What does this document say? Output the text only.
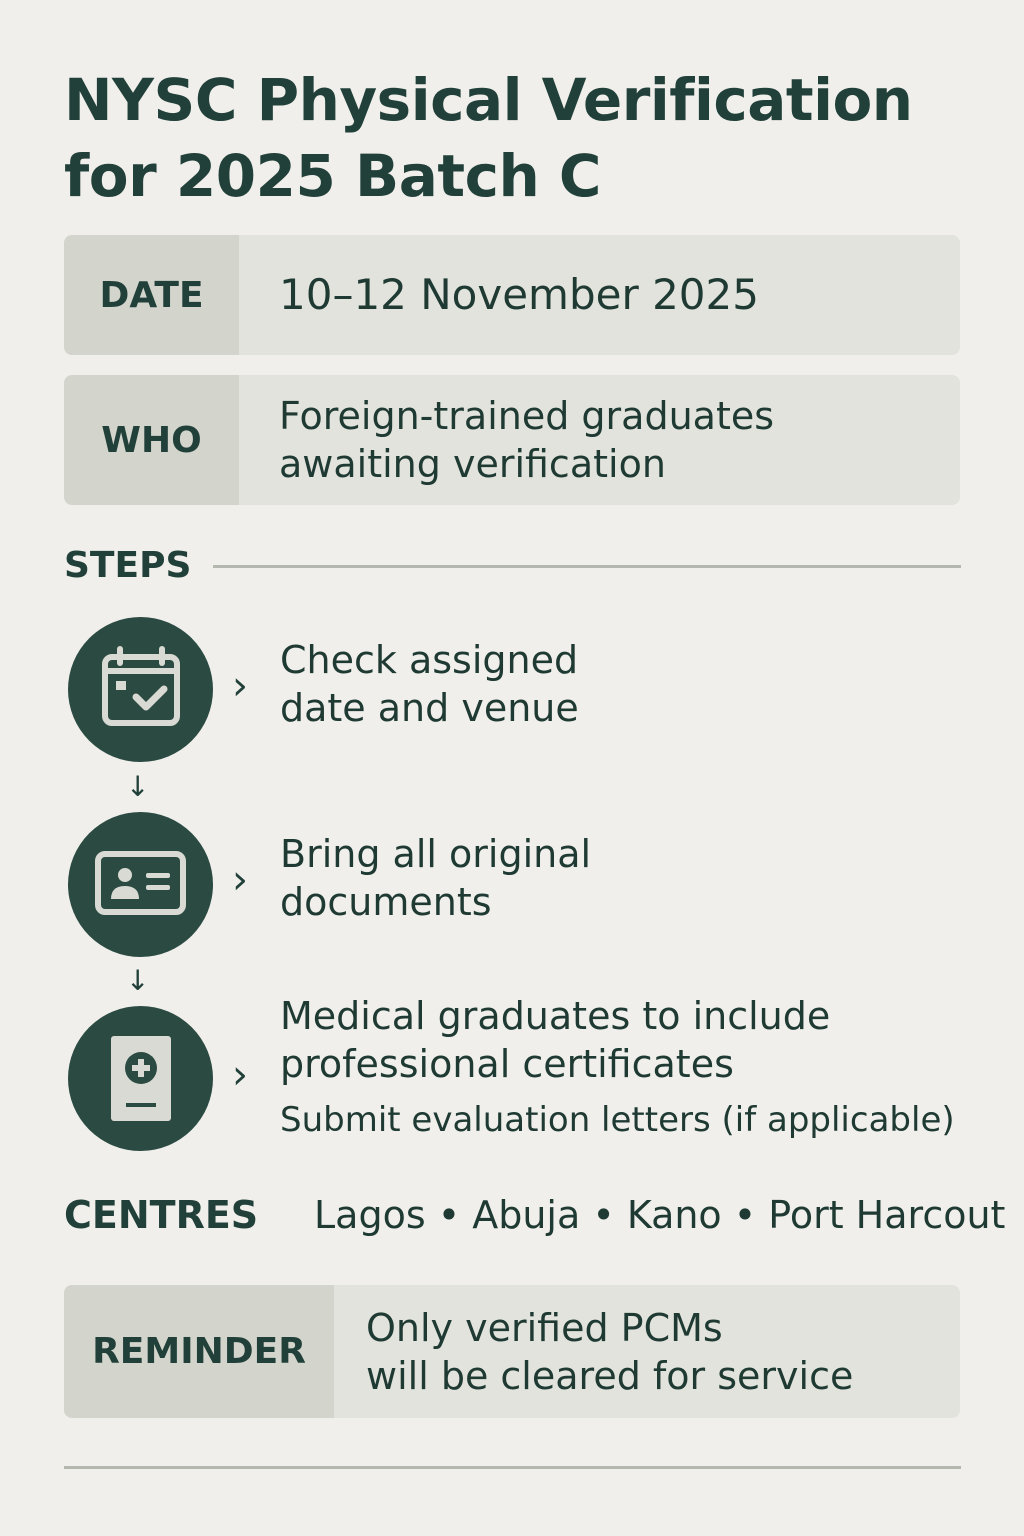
NYSC Physical Verification
for 2025 Batch C
DATE	10–12 November 2025
WHO
Foreign-trained graduates
awaiting verification
STEPS
›
Check assigned
date and venue
↓
›
Bring all original
documents
↓
›
Medical graduates to include
professional certificates
Submit evaluation letters (if applicable)
CENTRES Lagos • Abuja • Kano • Port Harcout
REMINDER
Only verified PCMs
will be cleared for service
